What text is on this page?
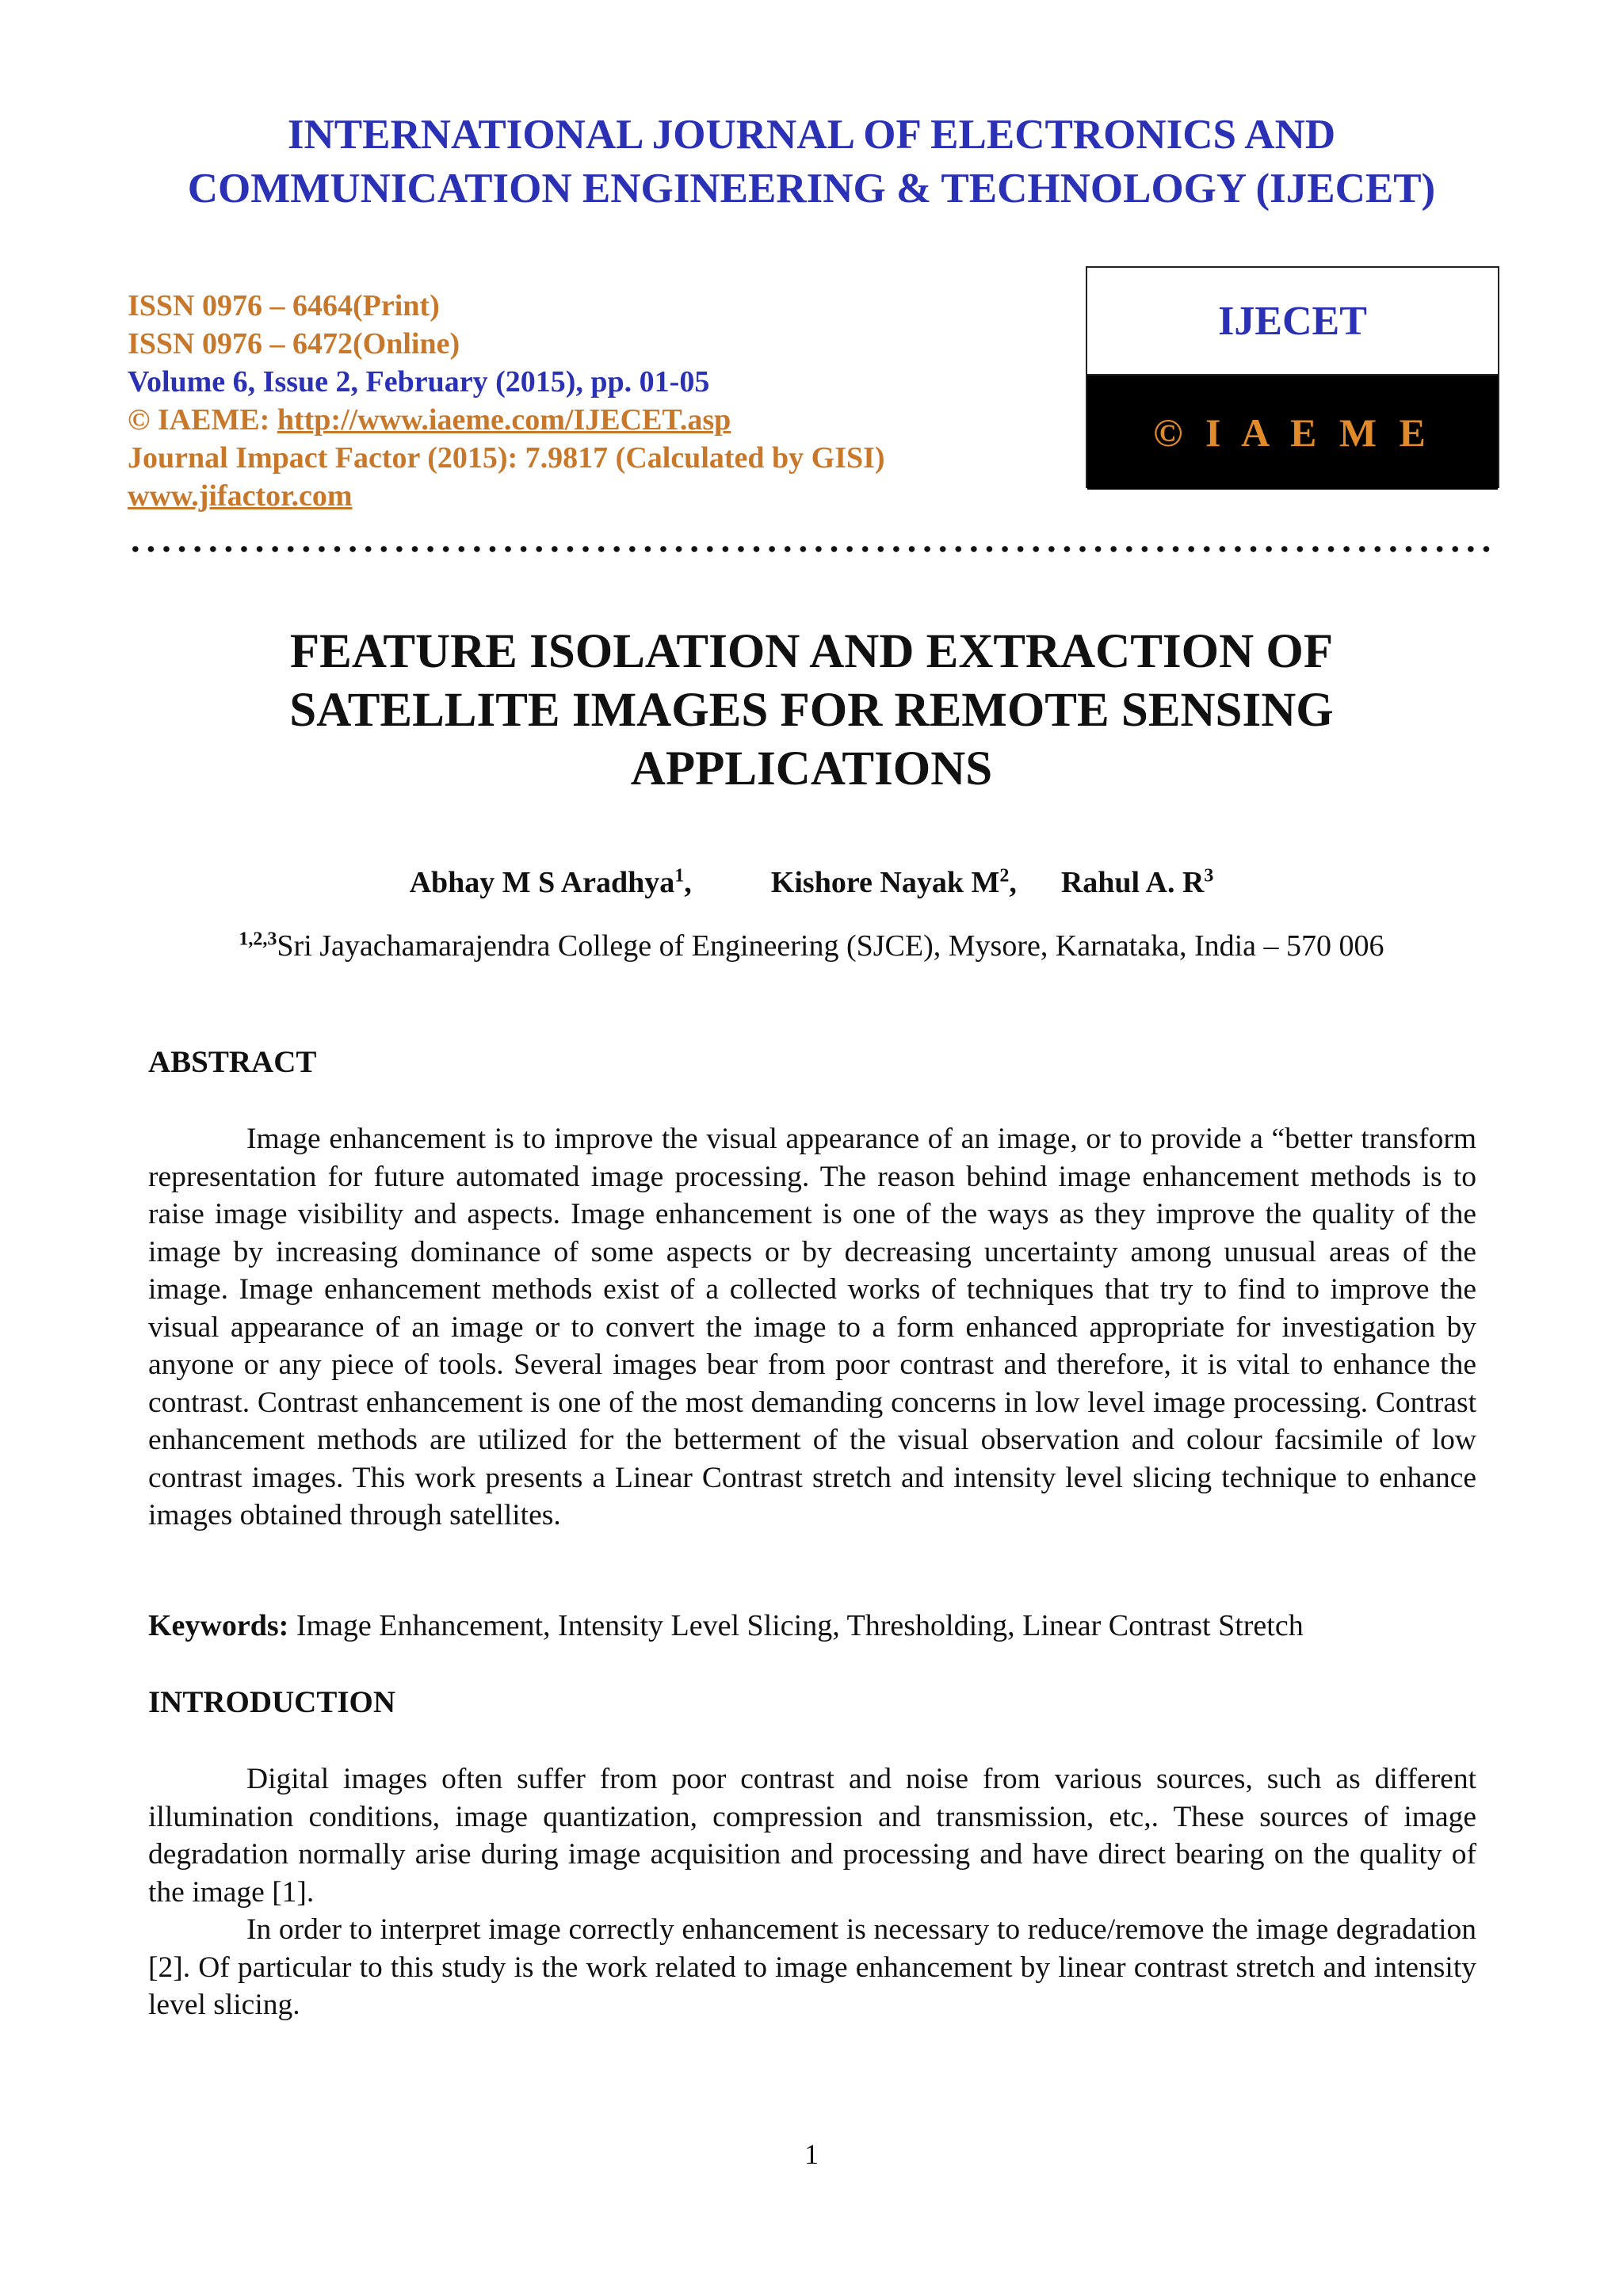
INTERNATIONAL JOURNAL OF ELECTRONICS AND
COMMUNICATION ENGINEERING & TECHNOLOGY (IJECET)
ISSN 0976 – 6464(Print)
ISSN 0976 – 6472(Online)
Volume 6, Issue 2, February (2015), pp. 01-05
© IAEME: http://www.iaeme.com/IJECET.asp
Journal Impact Factor (2015): 7.9817 (Calculated by GISI)
www.jifactor.com
IJECET
© I A E M E
FEATURE ISOLATION AND EXTRACTION OF
SATELLITE IMAGES FOR REMOTE SENSING
APPLICATIONS
Abhay M S Aradhya$^1$,	Kishore Nayak $M^2$, Rahul A. $R^3$
$^{1,2,3}$Sri Jayachamarajendra College of Engineering (SJCE), Mysore, Karnataka, India – 570 006
ABSTRACT

Image enhancement is to improve the visual appearance of an image, or to provide a “better transform representation for future automated image processing. The reason behind image enhancement methods is to raise image visibility and aspects. Image enhancement is one of the ways as they improve the quality of the image by increasing dominance of some aspects or by decreasing uncertainty among unusual areas of the image. Image enhancement methods exist of a collected works of techniques that try to find to improve the visual appearance of an image or to convert the image to a form enhanced appropriate for investigation by anyone or any piece of tools. Several images bear from poor contrast and therefore, it is vital to enhance the contrast. Contrast enhancement is one of the most demanding concerns in low level image processing. Contrast enhancement methods are utilized for the betterment of the visual observation and colour facsimile of low contrast images. This work presents a Linear Contrast stretch and intensity level slicing technique to enhance images obtained through satellites.

Keywords: Image Enhancement, Intensity Level Slicing, Thresholding, Linear Contrast Stretch
INTRODUCTION

Digital images often suffer from poor contrast and noise from various sources, such as different illumination conditions, image quantization, compression and transmission, etc,. These sources of image degradation normally arise during image acquisition and processing and have direct bearing on the quality of the image [1].

In order to interpret image correctly enhancement is necessary to reduce/remove the image degradation [2]. Of particular to this study is the work related to image enhancement by linear contrast stretch and intensity level slicing.

1
